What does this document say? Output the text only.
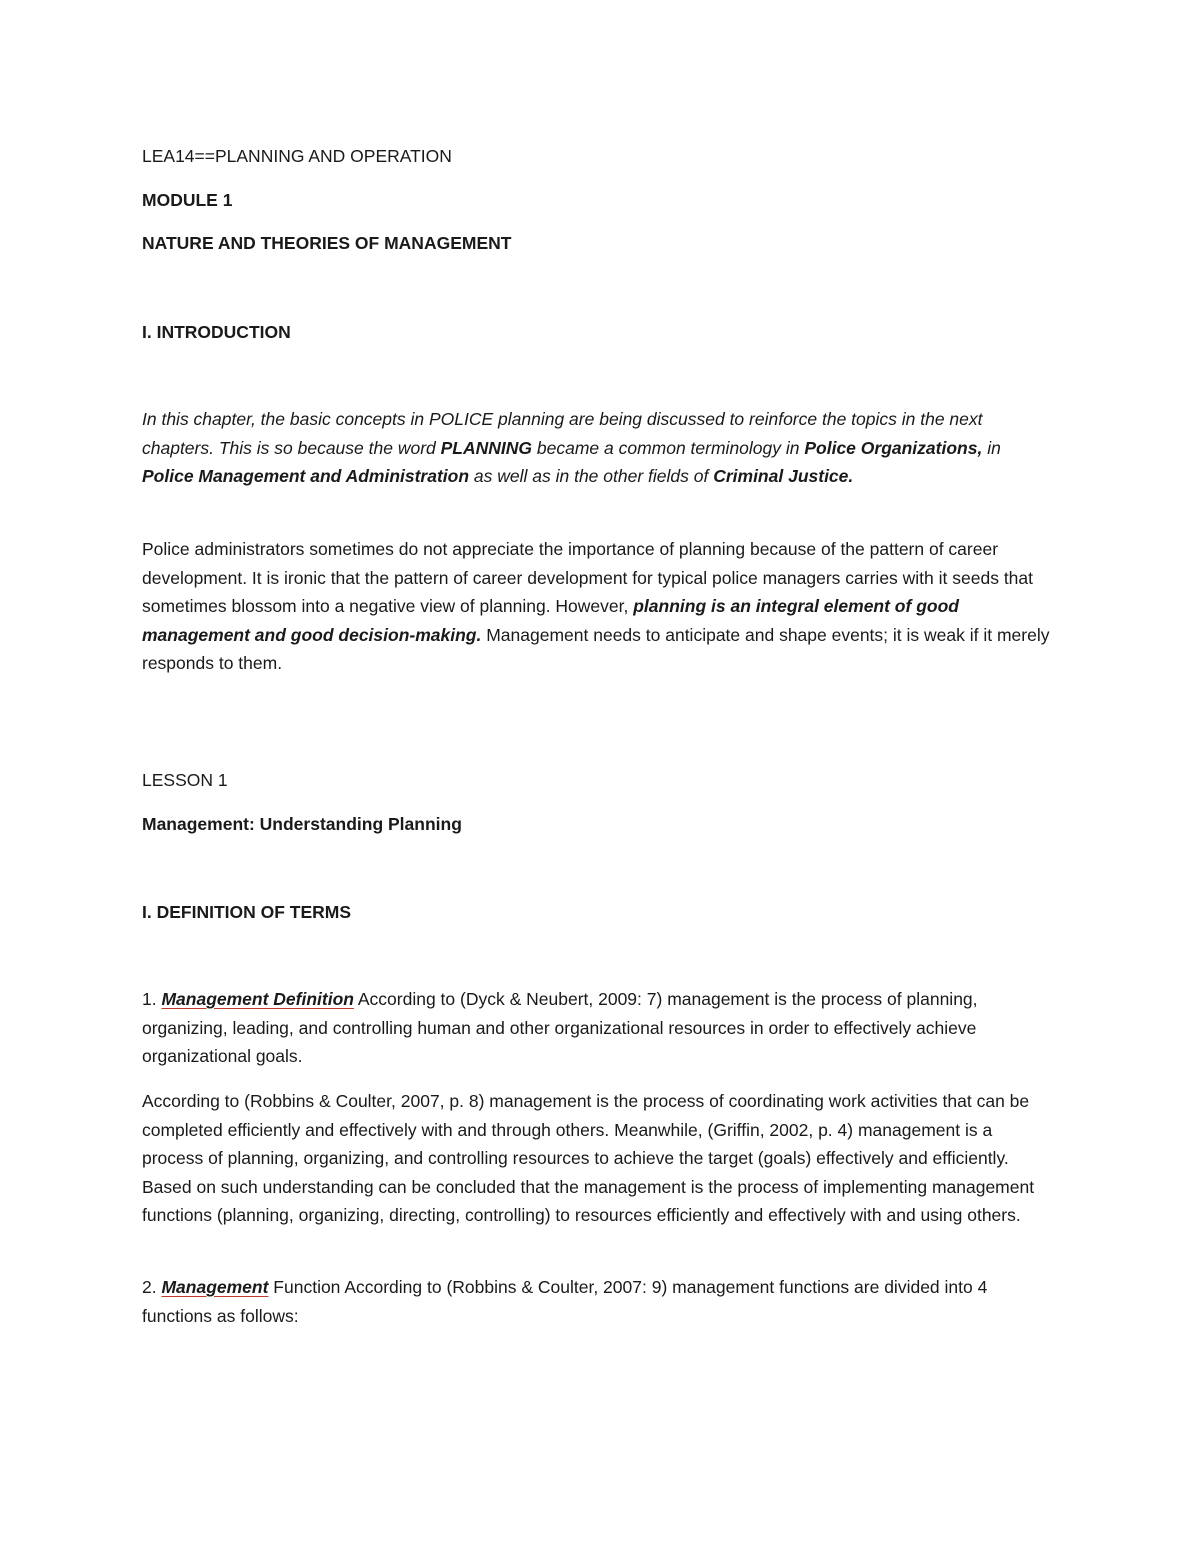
LEA14==PLANNING AND OPERATION
MODULE 1
NATURE AND THEORIES OF MANAGEMENT
I. INTRODUCTION
In this chapter, the basic concepts in POLICE planning are being discussed to reinforce the topics in the next chapters. This is so because the word PLANNING became a common terminology in Police Organizations, in Police Management and Administration as well as in the other fields of Criminal Justice.
Police administrators sometimes do not appreciate the importance of planning because of the pattern of career development. It is ironic that the pattern of career development for typical police managers carries with it seeds that sometimes blossom into a negative view of planning. However, planning is an integral element of good management and good decision-making. Management needs to anticipate and shape events; it is weak if it merely responds to them.
LESSON 1
Management: Understanding Planning
I. DEFINITION OF TERMS
1. Management Definition According to (Dyck & Neubert, 2009: 7) management is the process of planning, organizing, leading, and controlling human and other organizational resources in order to effectively achieve organizational goals.
According to (Robbins & Coulter, 2007, p. 8) management is the process of coordinating work activities that can be completed efficiently and effectively with and through others. Meanwhile, (Griffin, 2002, p. 4) management is a process of planning, organizing, and controlling resources to achieve the target (goals) effectively and efficiently. Based on such understanding can be concluded that the management is the process of implementing management functions (planning, organizing, directing, controlling) to resources efficiently and effectively with and using others.
2. Management Function According to (Robbins & Coulter, 2007: 9) management functions are divided into 4 functions as follows:
